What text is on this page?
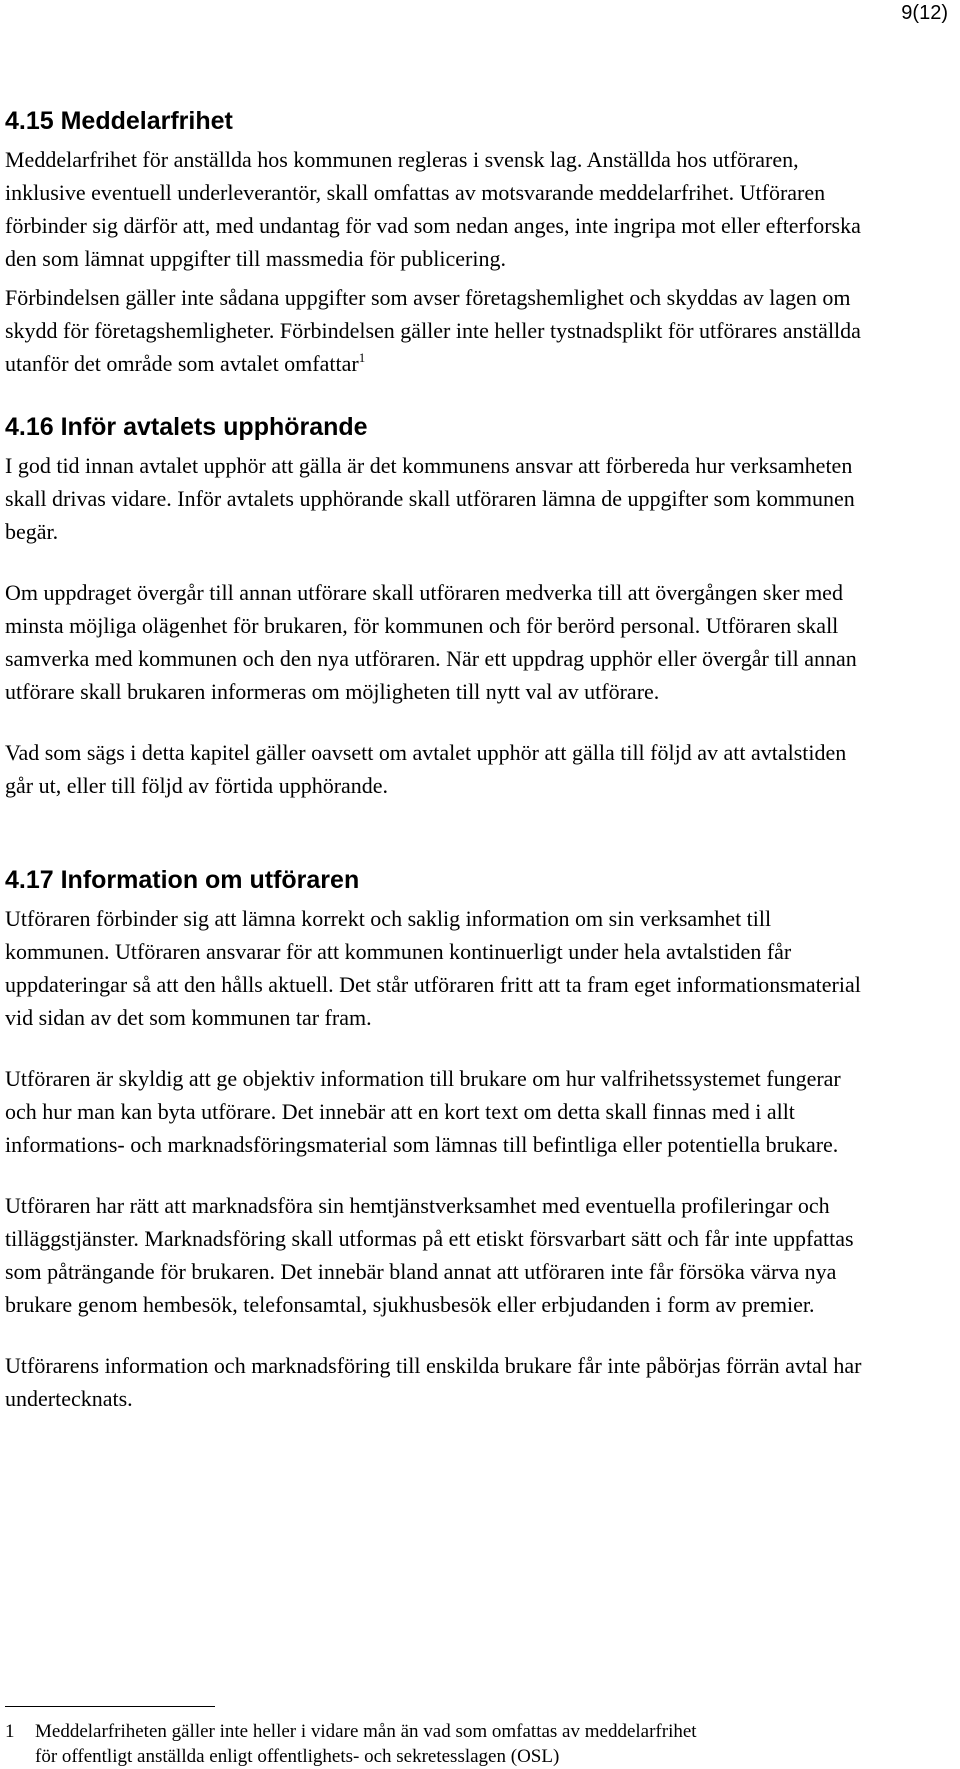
9(12)
4.15 Meddelarfrihet

Meddelarfrihet för anställda hos kommunen regleras i svensk lag. Anställda hos utföraren, inklusive eventuell underleverantör, skall omfattas av motsvarande meddelarfrihet. Utföraren förbinder sig därför att, med undantag för vad som nedan anges, inte ingripa mot eller efterforska den som lämnat uppgifter till massmedia för publicering.

Förbindelsen gäller inte sådana uppgifter som avser företagshemlighet och skyddas av lagen om skydd för företagshemligheter. Förbindelsen gäller inte heller tystnadsplikt för utförares anställda utanför det område som avtalet omfattar$^1$

4.16 Inför avtalets upphörande

I god tid innan avtalet upphör att gälla är det kommunens ansvar att förbereda hur verksamheten skall drivas vidare. Inför avtalets upphörande skall utföraren lämna de uppgifter som kommunen begär.

Om uppdraget övergår till annan utförare skall utföraren medverka till att övergången sker med minsta möjliga olägenhet för brukaren, för kommunen och för berörd personal. Utföraren skall samverka med kommunen och den nya utföraren. När ett uppdrag upphör eller övergår till annan utförare skall brukaren informeras om möjligheten till nytt val av utförare.

Vad som sägs i detta kapitel gäller oavsett om avtalet upphör att gälla till följd av att avtalstiden går ut, eller till följd av förtida upphörande.

4.17 Information om utföraren

Utföraren förbinder sig att lämna korrekt och saklig information om sin verksamhet till kommunen. Utföraren ansvarar för att kommunen kontinuerligt under hela avtalstiden får uppdateringar så att den hålls aktuell. Det står utföraren fritt att ta fram eget informationsmaterial vid sidan av det som kommunen tar fram.

Utföraren är skyldig att ge objektiv information till brukare om hur valfrihetssystemet fungerar och hur man kan byta utförare. Det innebär att en kort text om detta skall finnas med i allt informations- och marknadsföringsmaterial som lämnas till befintliga eller potentiella brukare.

Utföraren har rätt att marknadsföra sin hemtjänstverksamhet med eventuella profileringar och tilläggstjänster. Marknadsföring skall utformas på ett etiskt försvarbart sätt och får inte uppfattas som påträngande för brukaren. Det innebär bland annat att utföraren inte får försöka värva nya brukare genom hembesök, telefonsamtal, sjukhusbesök eller erbjudanden i form av premier.

Utförarens information och marknadsföring till enskilda brukare får inte påbörjas förrän avtal har undertecknats.

1 Meddelarfriheten gäller inte heller i vidare mån än vad som omfattas av meddelarfrihet
för offentligt anställda enligt offentlighets- och sekretesslagen (OSL)
